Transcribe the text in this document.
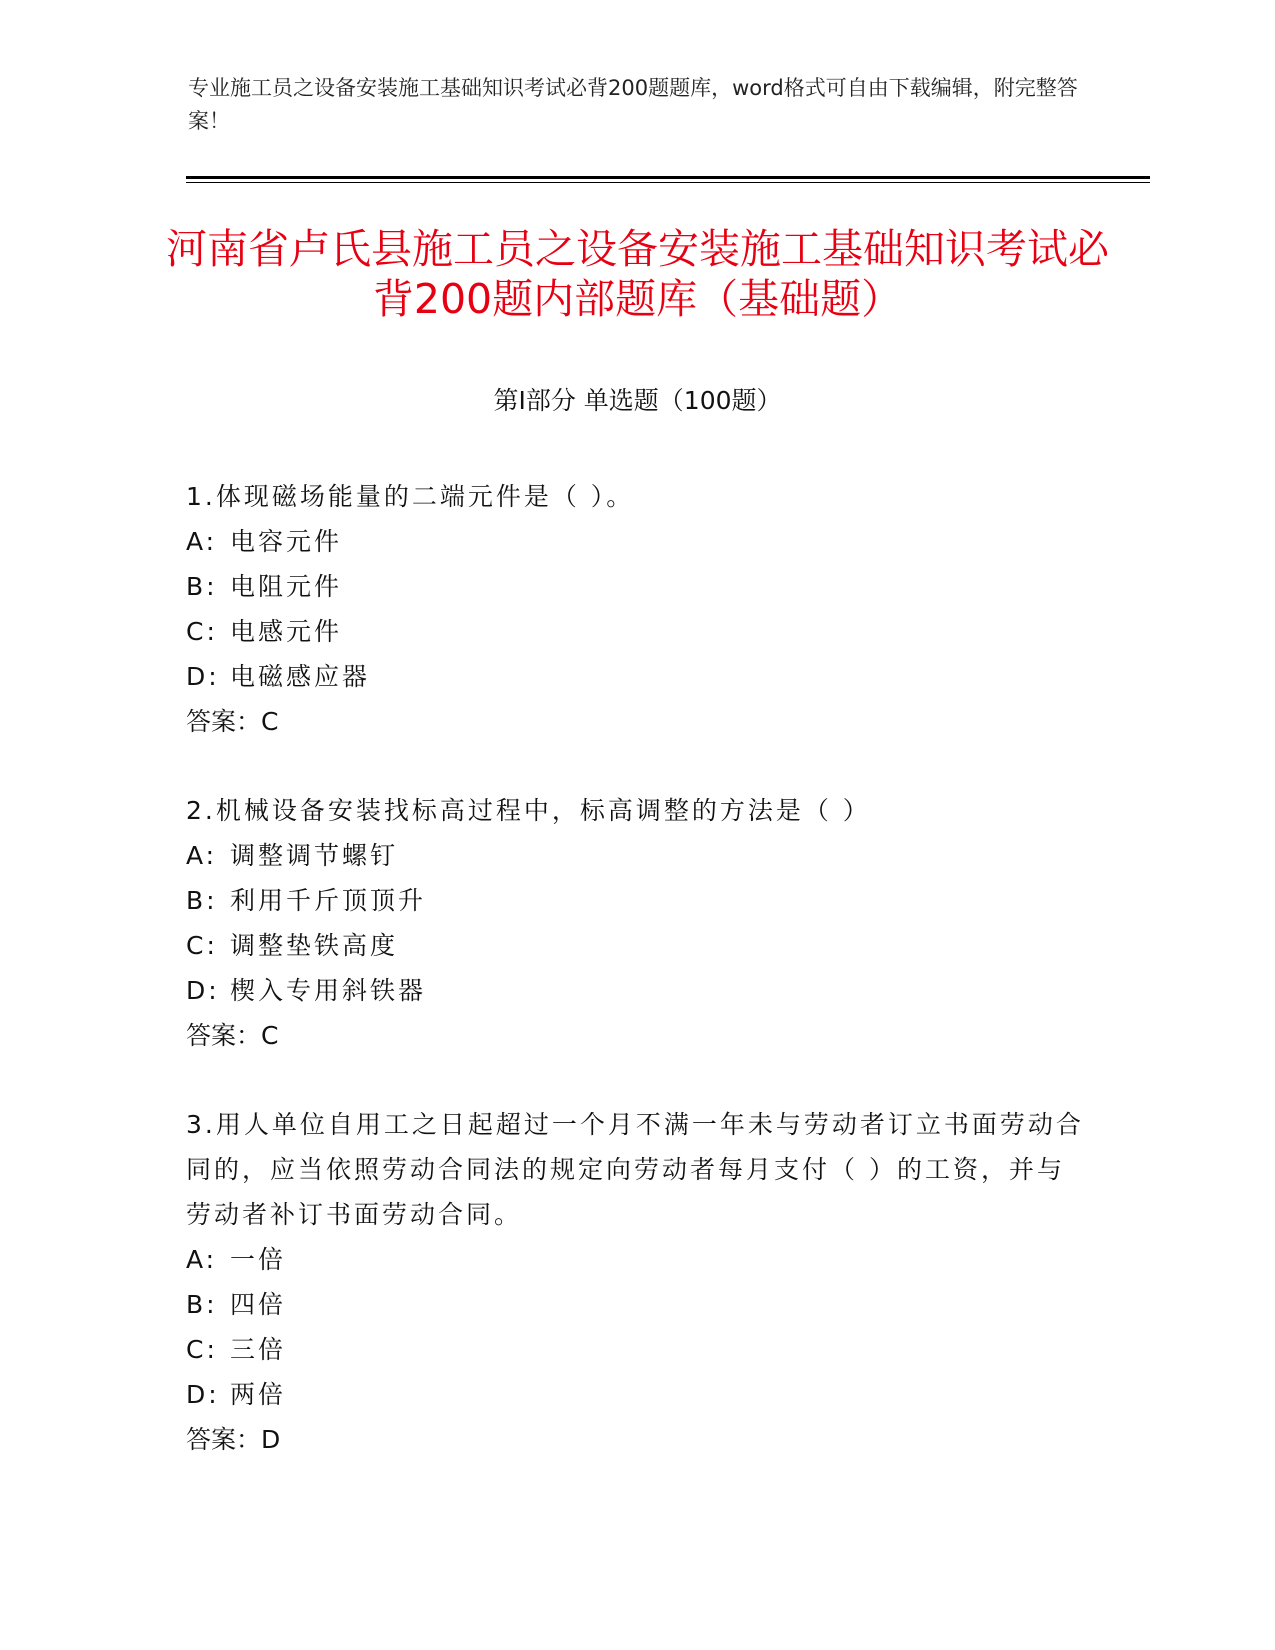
专业施工员之设备安装施工基础知识考试必背200题题库，word格式可自由下载编辑，附完整答案！
河南省卢氏县施工员之设备安装施工基础知识考试必背200题内部题库（基础题）
第Ⅰ部分 单选题（100题）

1.体现磁场能量的二端元件是（ ）。

A: 电容元件
B: 电阻元件
C: 电感元件
D: 电磁感应器
答案：C

2.机械设备安装找标高过程中，标高调整的方法是（ ）

A: 调整调节螺钉
B: 利用千斤顶顶升
C: 调整垫铁高度
D: 楔入专用斜铁器
答案：C

3.用人单位自用工之日起超过一个月不满一年未与劳动者订立书面劳动合同的，应当依照劳动合同法的规定向劳动者每月支付（ ）的工资，并与劳动者补订书面劳动合同。

A: 一倍
B: 四倍
C: 三倍
D: 两倍
答案：D
